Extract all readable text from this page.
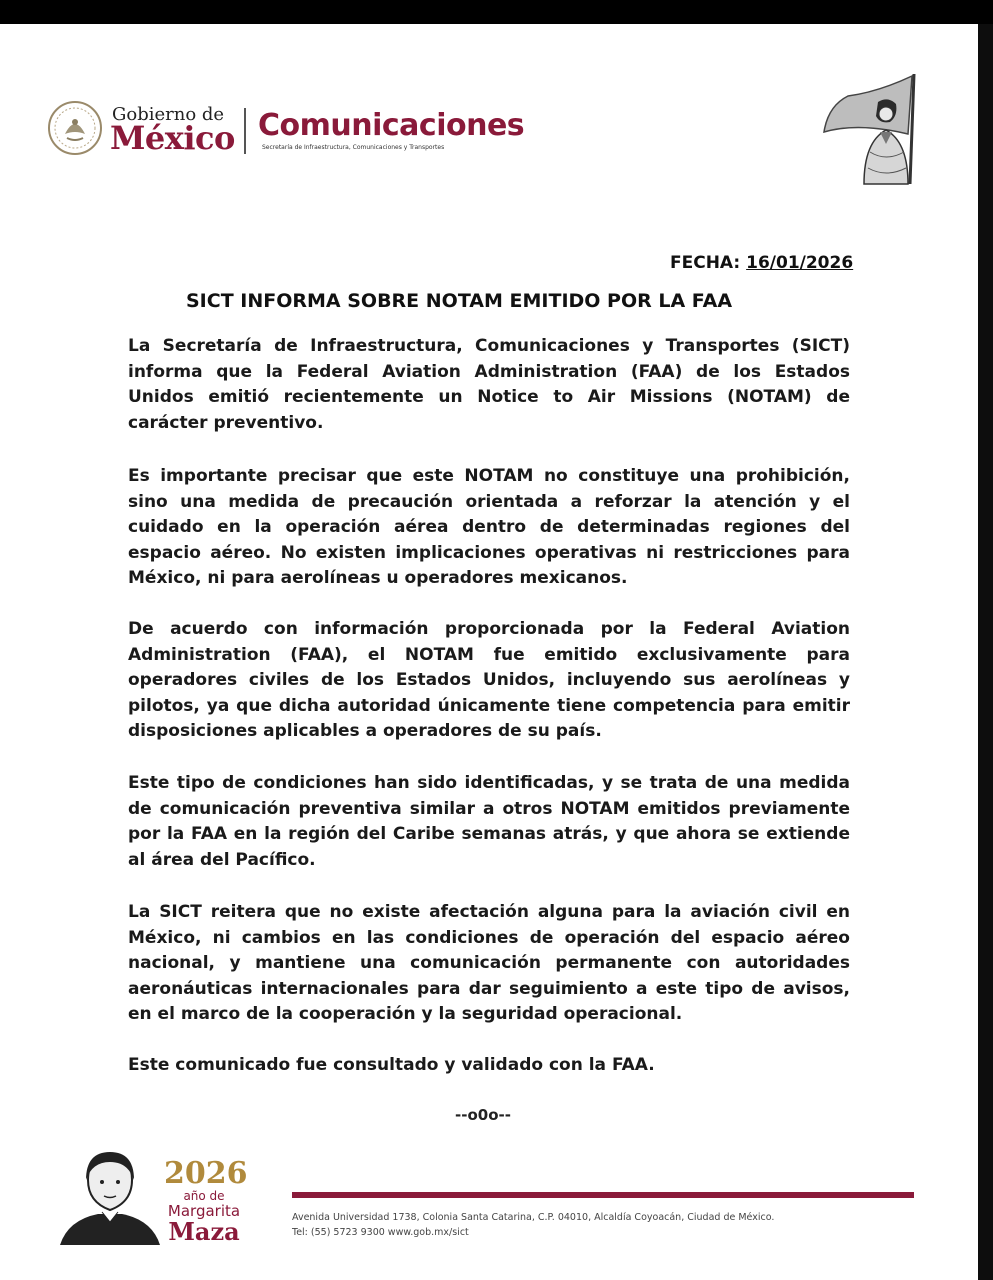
Gobierno de
México Comunicaciones
Secretaría de Infraestructura, Comunicaciones y Transportes
FECHA: 16/01/2026
SICT INFORMA SOBRE NOTAM EMITIDO POR LA FAA
La Secretaría de Infraestructura, Comunicaciones y Transportes (SICT) informa que la Federal Aviation Administration (FAA) de los Estados Unidos emitió recientemente un Notice to Air Missions (NOTAM) de carácter preventivo.
Es importante precisar que este NOTAM no constituye una prohibición, sino una medida de precaución orientada a reforzar la atención y el cuidado en la operación aérea dentro de determinadas regiones del espacio aéreo. No existen implicaciones operativas ni restricciones para México, ni para aerolíneas u operadores mexicanos.
De acuerdo con información proporcionada por la Federal Aviation Administration (FAA), el NOTAM fue emitido exclusivamente para operadores civiles de los Estados Unidos, incluyendo sus aerolíneas y pilotos, ya que dicha autoridad únicamente tiene competencia para emitir disposiciones aplicables a operadores de su país.
Este tipo de condiciones han sido identificadas, y se trata de una medida de comunicación preventiva similar a otros NOTAM emitidos previamente por la FAA en la región del Caribe semanas atrás, y que ahora se extiende al área del Pacífico.
La SICT reitera que no existe afectación alguna para la aviación civil en México, ni cambios en las condiciones de operación del espacio aéreo nacional, y mantiene una comunicación permanente con autoridades aeronáuticas internacionales para dar seguimiento a este tipo de avisos, en el marco de la cooperación y la seguridad operacional.
Este comunicado fue consultado y validado con la FAA.
--o0o--
2026
año de
Margarita
Maza	Avenida Universidad 1738, Colonia Santa Catarina, C.P. 04010, Alcaldía Coyoacán, Ciudad de México.
Tel: (55) 5723 9300 www.gob.mx/sict
